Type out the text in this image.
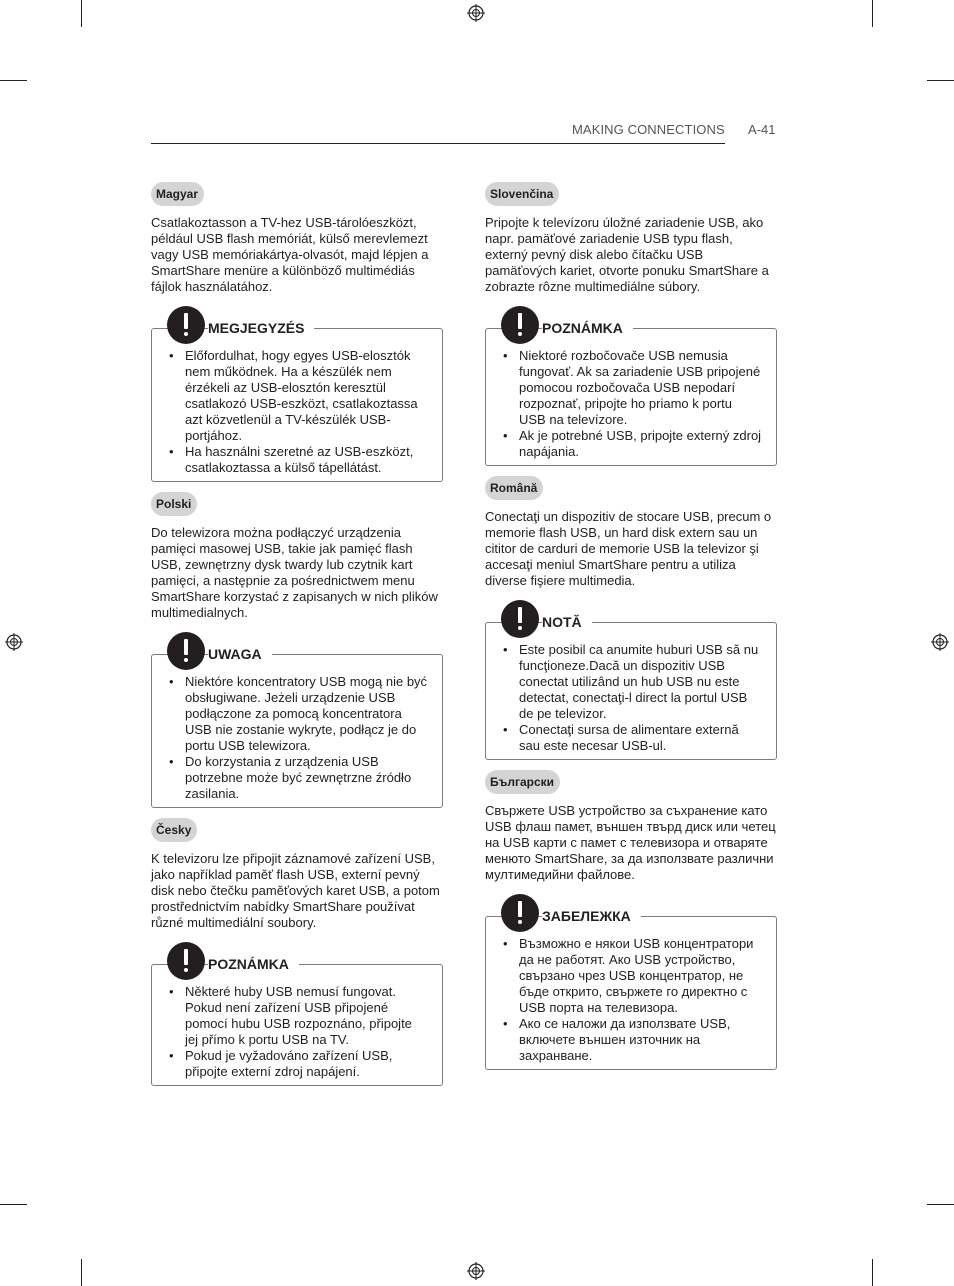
MAKING CONNECTIONS A-41
Magyar

Csatlakoztasson a TV-hez USB-tárolóeszközt, például USB flash memóriát, külső merevlemezt vagy USB memóriakártya-olvasót, majd lépjen a SmartShare menüre a különböző multimédiás fájlok használatához.

MEGJEGYZÉS
• Előfordulhat, hogy egyes USB-elosztók nem működnek. Ha a készülék nem érzékeli az USB-elosztón keresztül csatlakozó USB-eszközt, csatlakoztassa azt közvetlenül a TV-készülék USB-portjához.
• Ha használni szeretné az USB-eszközt, csatlakoztassa a külső tápellátást.
Polski

Do telewizora można podłączyć urządzenia pamięci masowej USB, takie jak pamięć flash USB, zewnętrzny dysk twardy lub czytnik kart pamięci, a następnie za pośrednictwem menu SmartShare korzystać z zapisanych w nich plików multimedialnych.

UWAGA
• Niektóre koncentratory USB mogą nie być obsługiwane. Jeżeli urządzenie USB podłączone za pomocą koncentratora USB nie zostanie wykryte, podłącz je do portu USB telewizora.
• Do korzystania z urządzenia USB potrzebne może być zewnętrzne źródło zasilania.
Česky

K televizoru lze připojit záznamové zařízení USB, jako například paměť flash USB, externí pevný disk nebo čtečku paměťových karet USB, a potom prostřednictvím nabídky SmartShare používat různé multimediální soubory.

POZNÁMKA
• Některé huby USB nemusí fungovat. Pokud není zařízení USB připojené pomocí hubu USB rozpoznáno, připojte jej přímo k portu USB na TV.
• Pokud je vyžadováno zařízení USB, připojte externí zdroj napájení.
Slovenčina

Pripojte k televízoru úložné zariadenie USB, ako napr. pamäťové zariadenie USB typu flash, externý pevný disk alebo čítačku USB pamäťových kariet, otvorte ponuku SmartShare a zobrazte rôzne multimediálne súbory.

POZNÁMKA
• Niektoré rozbočovače USB nemusia fungovať. Ak sa zariadenie USB pripojené pomocou rozbočovača USB nepodarí rozpoznať, pripojte ho priamo k portu USB na televízore.
• Ak je potrebné USB, pripojte externý zdroj napájania.
Română

Conectaţi un dispozitiv de stocare USB, precum o memorie flash USB, un hard disk extern sau un cititor de carduri de memorie USB la televizor şi accesaţi meniul SmartShare pentru a utiliza diverse fişiere multimedia.

NOTĂ
• Este posibil ca anumite huburi USB să nu funcţioneze.Dacă un dispozitiv USB conectat utilizând un hub USB nu este detectat, conectaţi-l direct la portul USB de pe televizor.
• Conectaţi sursa de alimentare externă sau este necesar USB-ul.
Български

Свържете USB устройство за съхранение като USB флаш памет, външен твърд диск или четец на USB карти с памет с телевизора и отваряте менюто SmartShare, за да използвате различни мултимедийни файлове.

ЗАБЕЛЕЖКА
• Възможно е някои USB концентратори да не работят. Ако USB устройство, свързано чрез USB концентратор, не бъде открито, свържете го директно с USB порта на телевизора.
• Ако се наложи да използвате USB, включете външен източник на захранване.
